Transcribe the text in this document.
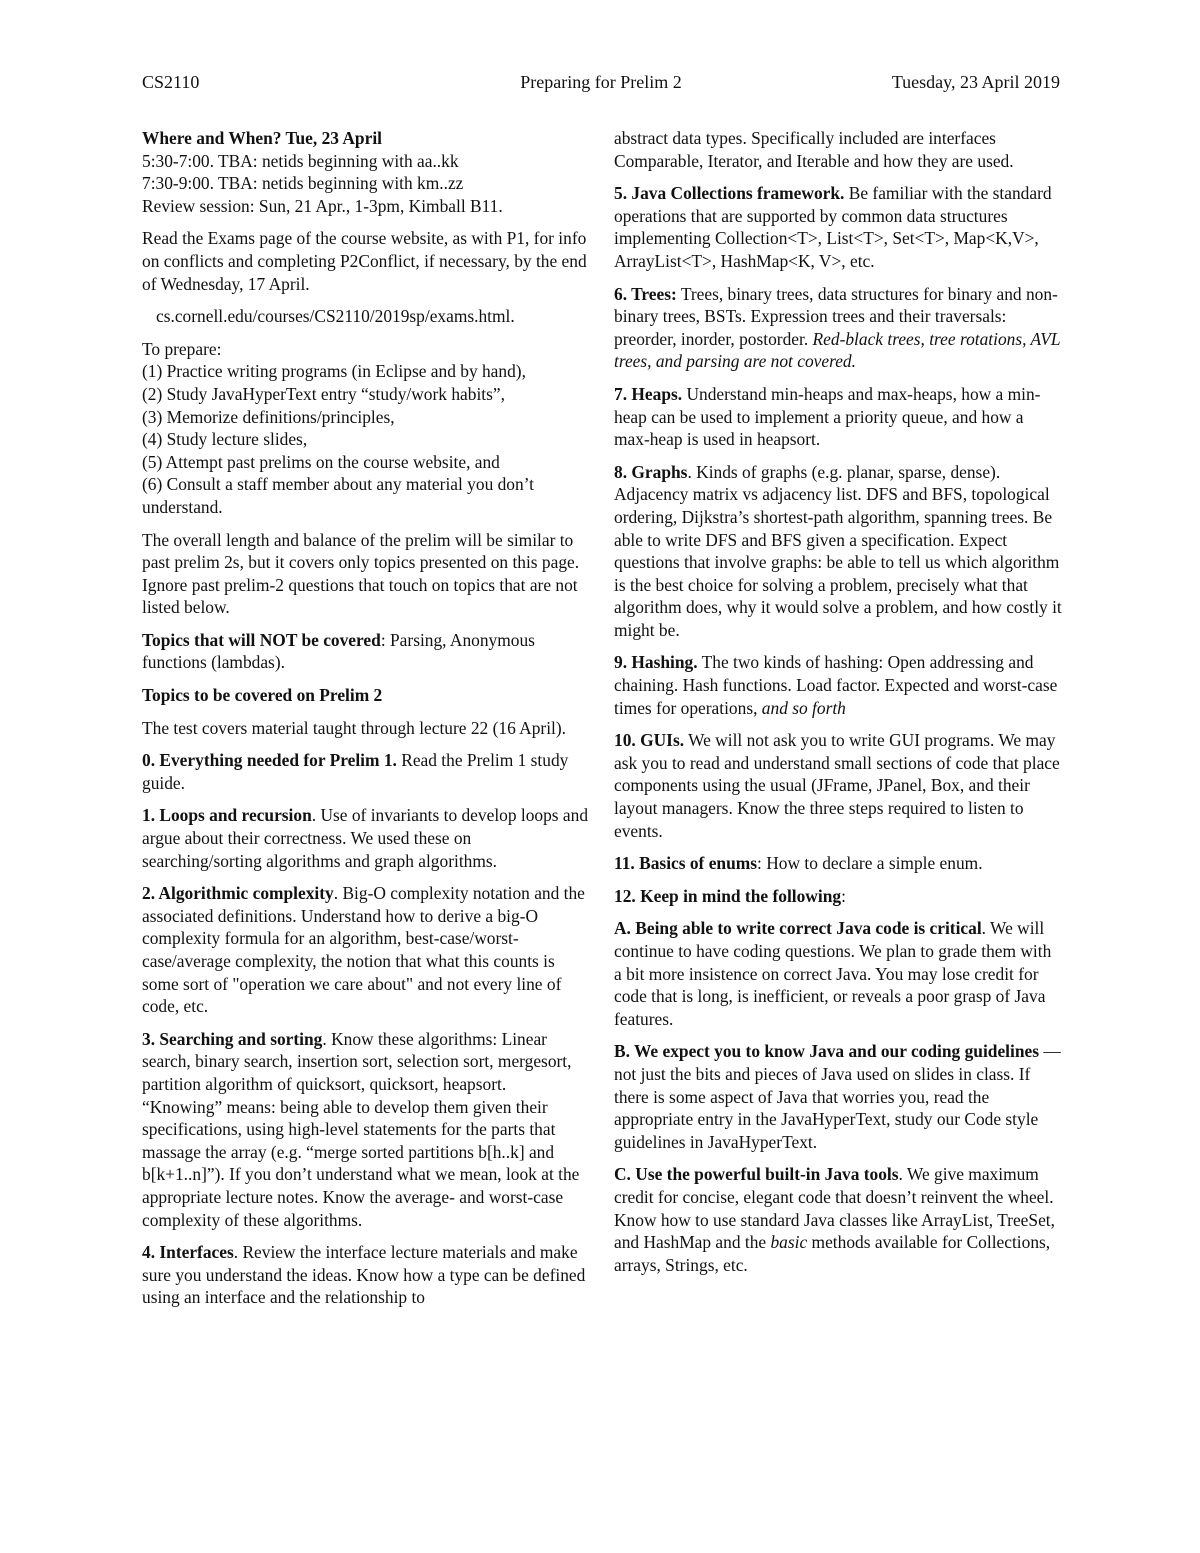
CS2110	Preparing for Prelim 2	Tuesday, 23 April 2019

Where and When? Tue, 23 April

5:30-7:00. TBA: netids beginning with aa..kk

7:30-9:00. TBA: netids beginning with km..zz

Review session: Sun, 21 Apr., 1-3pm, Kimball B11.

Read the Exams page of the course website, as with P1, for info on conflicts and completing P2Conflict, if necessary, by the end of Wednesday, 17 April.

cs.cornell.edu/courses/CS2110/2019sp/exams.html.

To prepare:

(1) Practice writing programs (in Eclipse and by hand),

(2) Study JavaHyperText entry “study/work habits”,

(3) Memorize definitions/principles,

(4) Study lecture slides,

(5) Attempt past prelims on the course website, and

(6) Consult a staff member about any material you don’t understand.

The overall length and balance of the prelim will be similar to past prelim 2s, but it covers only topics presented on this page. Ignore past prelim-2 questions that touch on topics that are not listed below.

Topics that will NOT be covered: Parsing, Anonymous functions (lambdas).

Topics to be covered on Prelim 2

The test covers material taught through lecture 22 (16 April).

0. Everything needed for Prelim 1. Read the Prelim 1 study guide.

1. Loops and recursion. Use of invariants to develop loops and argue about their correctness. We used these on searching/sorting algorithms and graph algorithms.

2. Algorithmic complexity. Big-O complexity notation and the associated definitions. Understand how to derive a big-O complexity formula for an algorithm, best-case/worst-case/average complexity, the notion that what this counts is some sort of "operation we care about" and not every line of code, etc.

3. Searching and sorting. Know these algorithms: Linear search, binary search, insertion sort, selection sort, mergesort, partition algorithm of quicksort, quicksort, heapsort. “Knowing” means: being able to develop them given their specifications, using high-level statements for the parts that massage the array (e.g. “merge sorted partitions b[h..k] and b[k+1..n]”). If you don’t understand what we mean, look at the appropriate lecture notes. Know the average- and worst-case complexity of these algorithms.

4. Interfaces. Review the interface lecture materials and make sure you understand the ideas. Know how a type can be defined using an interface and the relationship to

abstract data types. Specifically included are interfaces Comparable, Iterator, and Iterable and how they are used.

5. Java Collections framework. Be familiar with the standard operations that are supported by common data structures implementing Collection<T>, List<T>, Set<T>, Map<K,V>, ArrayList<T>, HashMap<K, V>, etc.

6. Trees: Trees, binary trees, data structures for binary and non-binary trees, BSTs. Expression trees and their traversals: preorder, inorder, postorder. Red-black trees, tree rotations, AVL trees, and parsing are not covered.

7. Heaps. Understand min-heaps and max-heaps, how a min-heap can be used to implement a priority queue, and how a max-heap is used in heapsort.

8. Graphs. Kinds of graphs (e.g. planar, sparse, dense). Adjacency matrix vs adjacency list. DFS and BFS, topological ordering, Dijkstra’s shortest-path algorithm, spanning trees. Be able to write DFS and BFS given a specification. Expect questions that involve graphs: be able to tell us which algorithm is the best choice for solving a problem, precisely what that algorithm does, why it would solve a problem, and how costly it might be.

9. Hashing. The two kinds of hashing: Open addressing and chaining. Hash functions. Load factor. Expected and worst-case times for operations, and so forth

10. GUIs. We will not ask you to write GUI programs. We may ask you to read and understand small sections of code that place components using the usual (JFrame, JPanel, Box, and their layout managers. Know the three steps required to listen to events.

11. Basics of enums: How to declare a simple enum.

12. Keep in mind the following:

A. Being able to write correct Java code is critical. We will continue to have coding questions. We plan to grade them with a bit more insistence on correct Java. You may lose credit for code that is long, is inefficient, or reveals a poor grasp of Java features.

B. We expect you to know Java and our coding guidelines —not just the bits and pieces of Java used on slides in class. If there is some aspect of Java that worries you, read the appropriate entry in the JavaHyperText, study our Code style guidelines in JavaHyperText.

C. Use the powerful built-in Java tools. We give maximum credit for concise, elegant code that doesn’t reinvent the wheel. Know how to use standard Java classes like ArrayList, TreeSet, and HashMap and the basic methods available for Collections, arrays, Strings, etc.
